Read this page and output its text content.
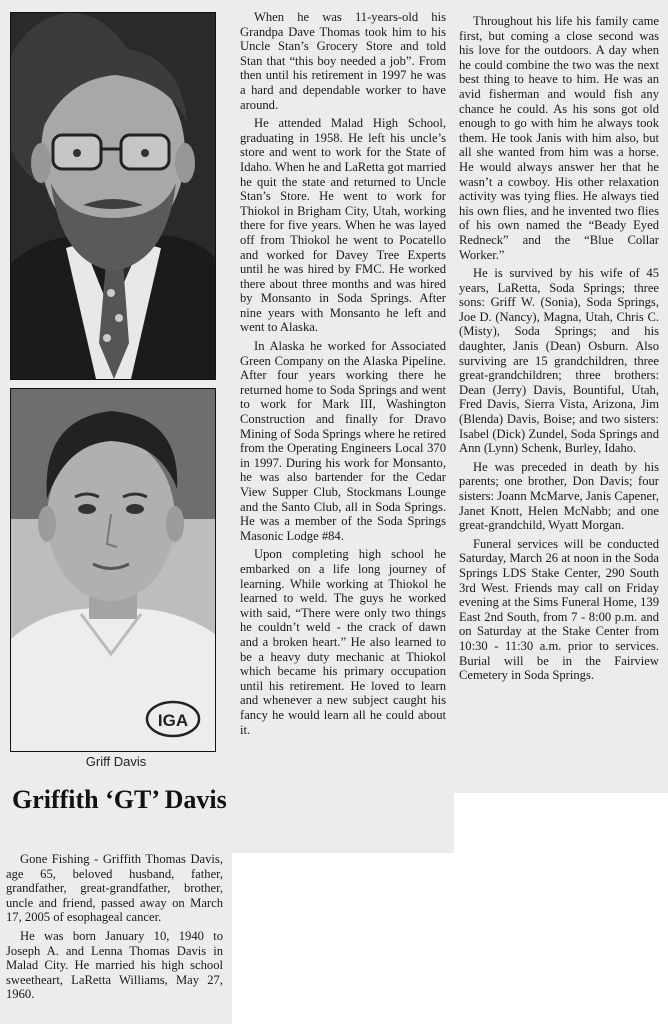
IGA
Griff Davis
Griffith ‘GT’ Davis

Gone Fishing - Griffith Thomas Davis, age 65, beloved husband, father, grandfather, great-grandfather, brother, uncle and friend, passed away on March 17, 2005 of esophageal cancer.

He was born January 10, 1940 to Joseph A. and Lenna Thomas Davis in Malad City. He married his high school sweetheart, LaRetta Williams, May 27, 1960.

When he was 11-years-old his Grandpa Dave Thomas took him to his Uncle Stan’s Grocery Store and told Stan that “this boy needed a job”. From then until his retirement in 1997 he was a hard and dependable worker to have around.

He attended Malad High School, graduating in 1958. He left his uncle’s store and went to work for the State of Idaho. When he and LaRetta got married he quit the state and returned to Uncle Stan’s Store. He went to work for Thiokol in Brigham City, Utah, working there for five years. When he was layed off from Thiokol he went to Pocatello and worked for Davey Tree Experts until he was hired by FMC. He worked there about three months and was hired by Monsanto in Soda Springs. After nine years with Monsanto he left and went to Alaska.

In Alaska he worked for Associated Green Company on the Alaska Pipeline. After four years working there he returned home to Soda Springs and went to work for Mark III, Washington Construction and finally for Dravo Mining of Soda Springs where he retired from the Operating Engineers Local 370 in 1997. During his work for Monsanto, he was also bartender for the Cedar View Supper Club, Stockmans Lounge and the Santo Club, all in Soda Springs. He was a member of the Soda Springs Masonic Lodge #84.

Upon completing high school he embarked on a life long journey of learning. While working at Thiokol he learned to weld. The guys he worked with said, “There were only two things he couldn’t weld - the crack of dawn and a broken heart.” He also learned to be a heavy duty mechanic at Thiokol which became his primary occupation until his retirement. He loved to learn and whenever a new subject caught his fancy he would learn all he could about it.

Throughout his life his family came first, but coming a close second was his love for the outdoors. A day when he could combine the two was the next best thing to heave to him. He was an avid fisherman and would fish any chance he could. As his sons got old enough to go with him he always took them. He took Janis with him also, but all she wanted from him was a horse. He would always answer her that he wasn’t a cowboy. His other relaxation activity was tying flies. He always tied his own flies, and he invented two flies of his own named the “Beady Eyed Redneck” and the “Blue Collar Worker.”

He is survived by his wife of 45 years, LaRetta, Soda Springs; three sons: Griff W. (Sonia), Soda Springs, Joe D. (Nancy), Magna, Utah, Chris C. (Misty), Soda Springs; and his daughter, Janis (Dean) Osburn. Also surviving are 15 grandchildren, three great-grandchildren; three brothers: Dean (Jerry) Davis, Bountiful, Utah, Fred Davis, Sierra Vista, Arizona, Jim (Blenda) Davis, Boise; and two sisters: Isabel (Dick) Zundel, Soda Springs and Ann (Lynn) Schenk, Burley, Idaho.

He was preceded in death by his parents; one brother, Don Davis; four sisters: Joann McMarve, Janis Capener, Janet Knott, Helen McNabb; and one great-grandchild, Wyatt Morgan.

Funeral services will be conducted Saturday, March 26 at noon in the Soda Springs LDS Stake Center, 290 South 3rd West. Friends may call on Friday evening at the Sims Funeral Home, 139 East 2nd South, from 7 - 8:00 p.m. and on Saturday at the Stake Center from 10:30 - 11:30 a.m. prior to services. Burial will be in the Fairview Cemetery in Soda Springs.
